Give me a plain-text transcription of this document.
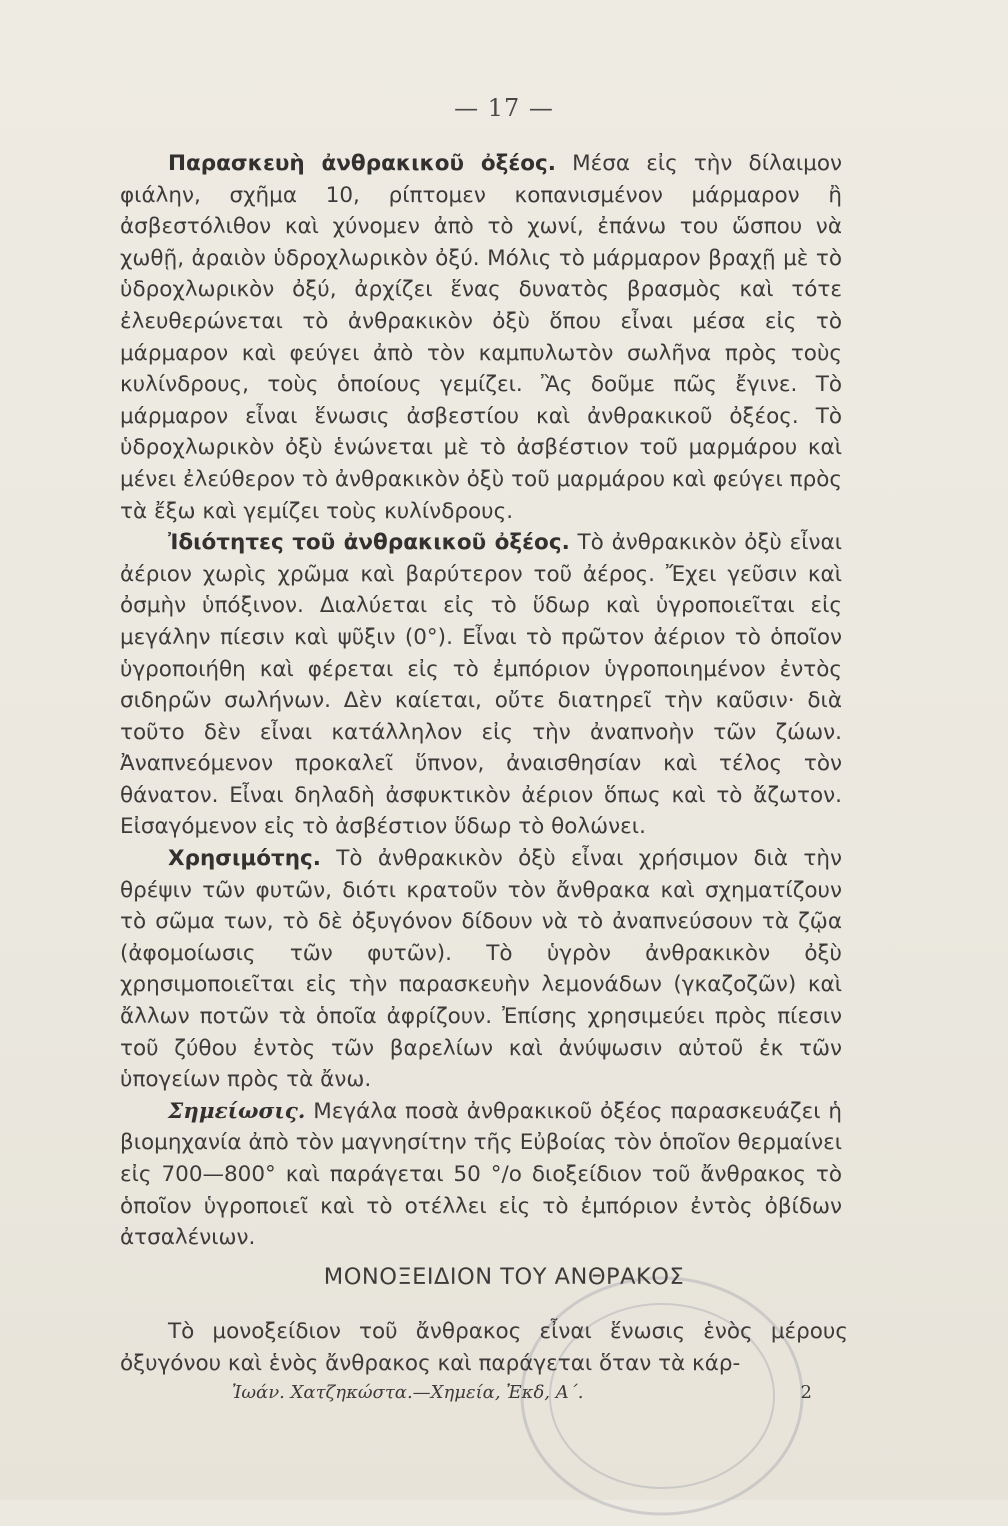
— 17 —

Παρασκευὴ ἀνθρακικοῦ ὀξέος. Μέσα εἰς τὴν δίλαιμον φιάλην, σχῆμα 10, ρίπτομεν κοπανισμένον μάρμαρον ἢ ἀσβεστόλιθον καὶ χύνομεν ἀπὸ τὸ χωνί, ἐπάνω του ὥσπου νὰ χωθῇ, ἀραιὸν ὑδροχλωρικὸν ὀξύ. Μόλις τὸ μάρμαρον βραχῇ μὲ τὸ ὑδροχλωρικὸν ὀξύ, ἀρχίζει ἕνας δυνατὸς βρασμὸς καὶ τότε ἐλευθερώνεται τὸ ἀνθρακικὸν ὀξὺ ὅπου εἶναι μέσα εἰς τὸ μάρμαρον καὶ φεύγει ἀπὸ τὸν καμπυλωτὸν σωλῆνα πρὸς τοὺς κυλίνδρους, τοὺς ὁποίους γεμίζει. Ἂς δοῦμε πῶς ἔγινε. Τὸ μάρμαρον εἶναι ἕνωσις ἀσβεστίου καὶ ἀνθρακικοῦ ὀξέος. Τὸ ὑδροχλωρικὸν ὀξὺ ἑνώνεται μὲ τὸ ἀσβέστιον τοῦ μαρμάρου καὶ μένει ἐλεύθερον τὸ ἀνθρακικὸν ὀξὺ τοῦ μαρμάρου καὶ φεύγει πρὸς τὰ ἔξω καὶ γεμίζει τοὺς κυλίνδρους.

Ἰδιότητες τοῦ ἀνθρακικοῦ ὀξέος. Τὸ ἀνθρακικὸν ὀξὺ εἶναι ἀέριον χωρὶς χρῶμα καὶ βαρύτερον τοῦ ἀέρος. Ἔχει γεῦσιν καὶ ὀσμὴν ὑπόξινον. Διαλύεται εἰς τὸ ὕδωρ καὶ ὑγροποιεῖται εἰς μεγάλην πίεσιν καὶ ψῦξιν (0°). Εἶναι τὸ πρῶτον ἀέριον τὸ ὁποῖον ὑγροποιήθη καὶ φέρεται εἰς τὸ ἐμπόριον ὑγροποιημένον ἐντὸς σιδηρῶν σωλήνων. Δὲν καίεται, οὔτε διατηρεῖ τὴν καῦσιν· διὰ τοῦτο δὲν εἶναι κατάλληλον εἰς τὴν ἀναπνοὴν τῶν ζώων. Ἀναπνεόμενον προκαλεῖ ὕπνον, ἀναισθησίαν καὶ τέλος τὸν θάνατον. Εἶναι δηλαδὴ ἀσφυκτικὸν ἀέριον ὅπως καὶ τὸ ἄζωτον. Εἰσαγόμενον εἰς τὸ ἀσβέστιον ὕδωρ τὸ θολώνει.

Χρησιμότης. Τὸ ἀνθρακικὸν ὀξὺ εἶναι χρήσιμον διὰ τὴν θρέψιν τῶν φυτῶν, διότι κρατοῦν τὸν ἄνθρακα καὶ σχηματίζουν τὸ σῶμα των, τὸ δὲ ὀξυγόνον δίδουν νὰ τὸ ἀναπνεύσουν τὰ ζῷα (ἀφομοίωσις τῶν φυτῶν). Τὸ ὑγρὸν ἀνθρακικὸν ὀξὺ χρησιμοποιεῖται εἰς τὴν παρασκευὴν λεμονάδων (γκαζοζῶν) καὶ ἄλλων ποτῶν τὰ ὁποῖα ἀφρίζουν. Ἐπίσης χρησιμεύει πρὸς πίεσιν τοῦ ζύθου ἐντὸς τῶν βαρελίων καὶ ἀνύψωσιν αὐτοῦ ἐκ τῶν ὑπογείων πρὸς τὰ ἄνω.

Σημείωσις. Μεγάλα ποσὰ ἀνθρακικοῦ ὀξέος παρασκευάζει ἡ βιομηχανία ἀπὸ τὸν μαγνησίτην τῆς Εὐβοίας τὸν ὁποῖον θερμαίνει εἰς 700—800° καὶ παράγεται 50 °/o διοξείδιον τοῦ ἄνθρακος τὸ ὁποῖον ὑγροποιεῖ καὶ τὸ οτέλλει εἰς τὸ ἐμπόριον ἐντὸς ὀβίδων ἀτσαλένιων.

ΜΟΝΟΞΕΙΔΙΟΝ ΤΟΥ ΑΝΘΡΑΚΟΣ

Τὸ μονοξείδιον τοῦ ἄνθρακος εἶναι ἕνωσις ἑνὸς μέρους ὀξυγόνου καὶ ἑνὸς ἄνθρακος καὶ παράγεται ὅταν τὰ κάρ-

Ἰωάν. Χατζηκώστα.—Χημεία, Ἐκδ, Α΄.	2
